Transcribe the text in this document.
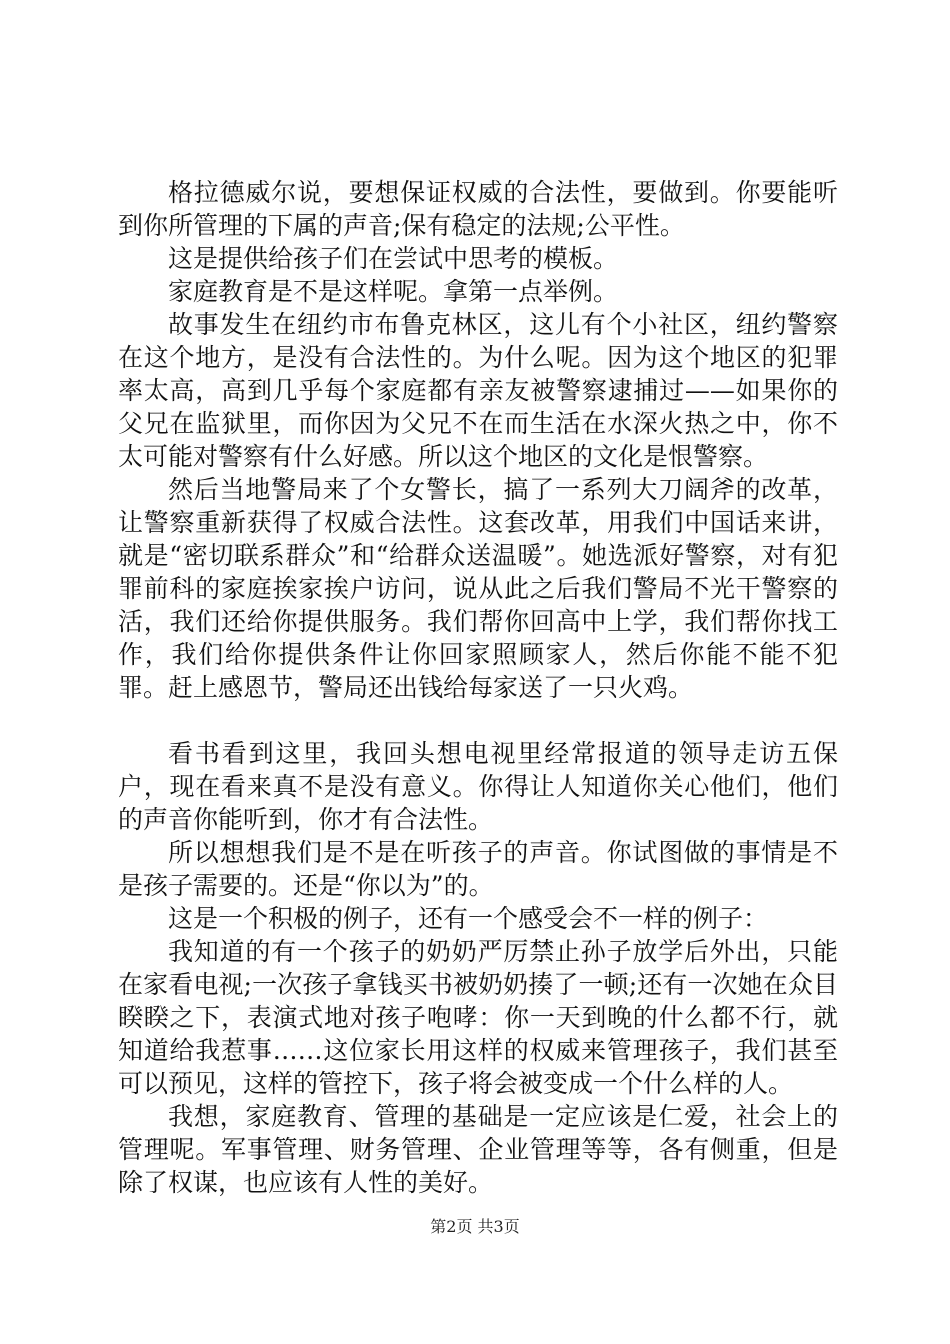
格拉德威尔说，要想保证权威的合法性，要做到。你要能听到你所管理的下属的声音;保有稳定的法规;公平性。

这是提供给孩子们在尝试中思考的模板。

家庭教育是不是这样呢。拿第一点举例。

故事发生在纽约市布鲁克林区，这儿有个小社区，纽约警察在这个地方，是没有合法性的。为什么呢。因为这个地区的犯罪率太高，高到几乎每个家庭都有亲友被警察逮捕过——如果你的父兄在监狱里，而你因为父兄不在而生活在水深火热之中，你不太可能对警察有什么好感。所以这个地区的文化是恨警察。

然后当地警局来了个女警长，搞了一系列大刀阔斧的改革，让警察重新获得了权威合法性。这套改革，用我们中国话来讲，就是“密切联系群众”和“给群众送温暖”。她选派好警察，对有犯罪前科的家庭挨家挨户访问，说从此之后我们警局不光干警察的活，我们还给你提供服务。我们帮你回高中上学，我们帮你找工作，我们给你提供条件让你回家照顾家人，然后你能不能不犯罪。赶上感恩节，警局还出钱给每家送了一只火鸡。

看书看到这里，我回头想电视里经常报道的领导走访五保户，现在看来真不是没有意义。你得让人知道你关心他们，他们的声音你能听到，你才有合法性。

所以想想我们是不是在听孩子的声音。你试图做的事情是不是孩子需要的。还是“你以为”的。

这是一个积极的例子，还有一个感受会不一样的例子：

我知道的有一个孩子的奶奶严厉禁止孙子放学后外出，只能在家看电视;一次孩子拿钱买书被奶奶揍了一顿;还有一次她在众目睽睽之下，表演式地对孩子咆哮：你一天到晚的什么都不行，就知道给我惹事……这位家长用这样的权威来管理孩子，我们甚至可以预见，这样的管控下，孩子将会被变成一个什么样的人。

我想，家庭教育、管理的基础是一定应该是仁爱，社会上的管理呢。军事管理、财务管理、企业管理等等，各有侧重，但是除了权谋，也应该有人性的美好。

第2页 共3页
